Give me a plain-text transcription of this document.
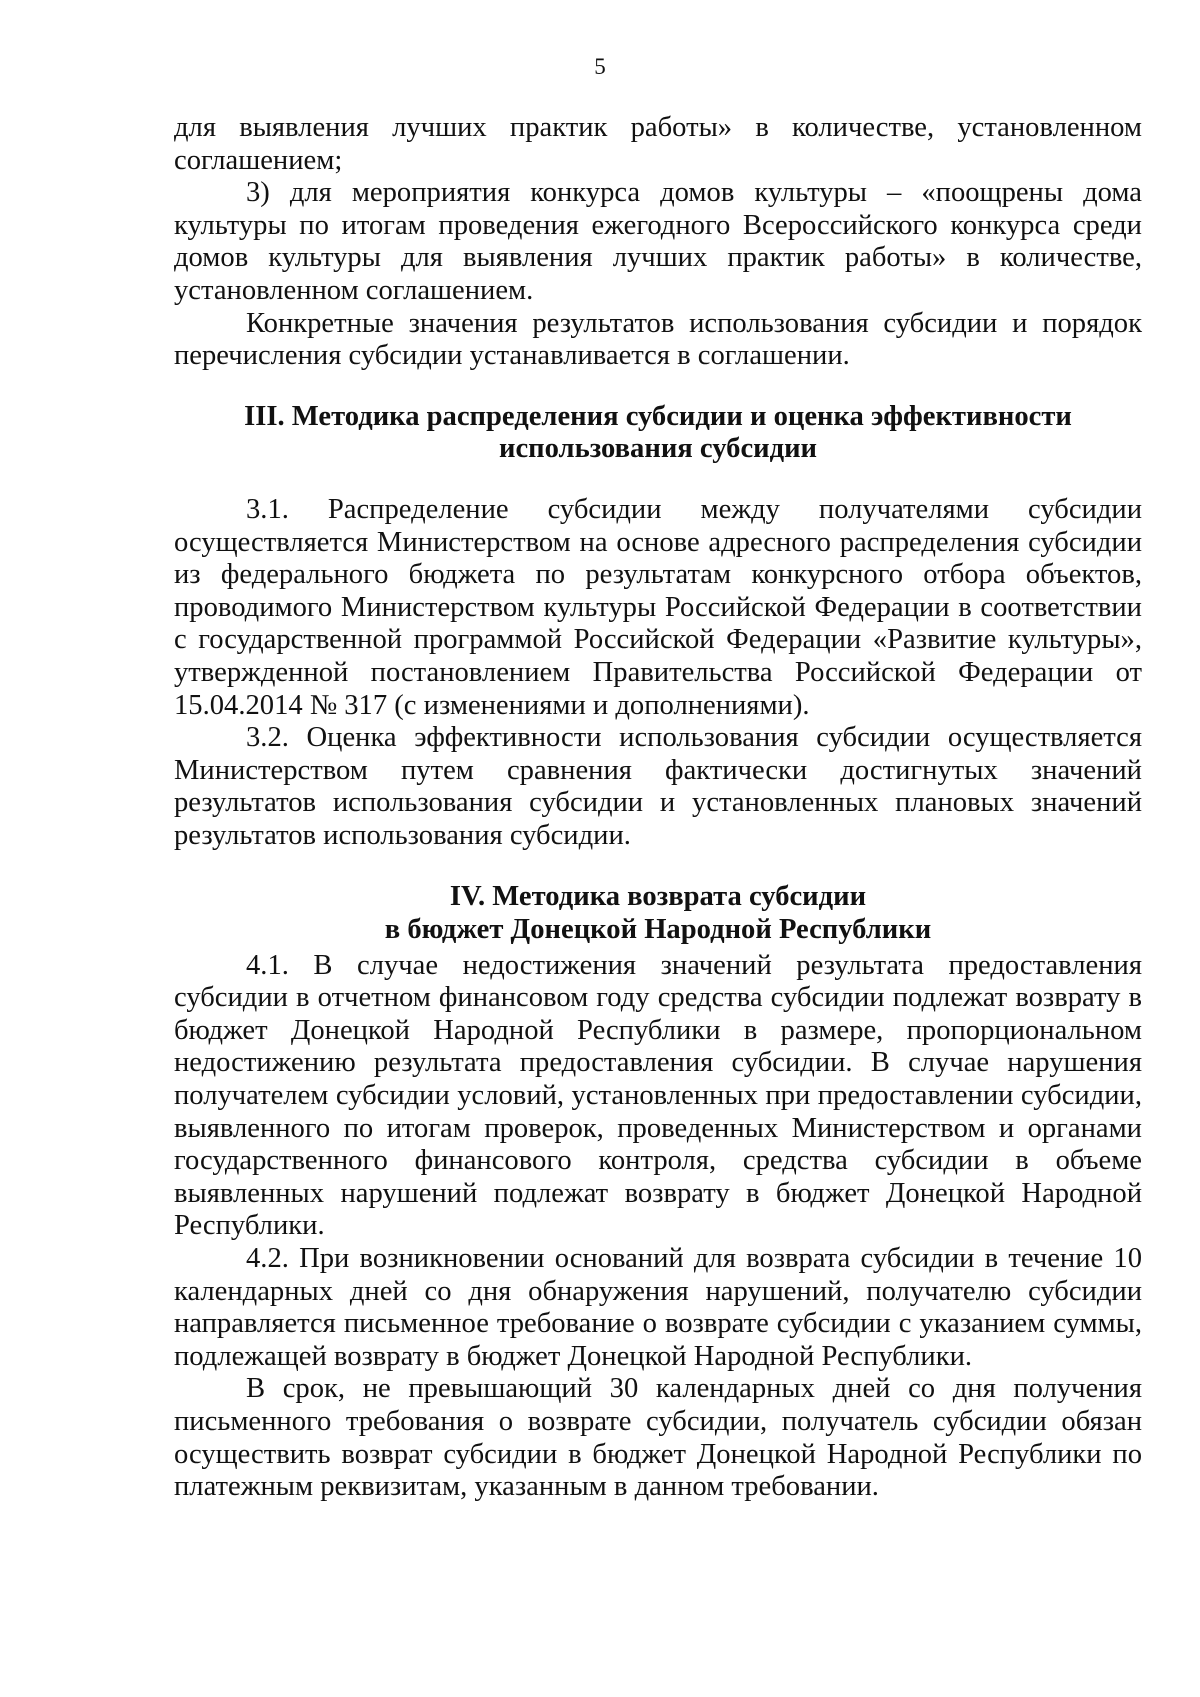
5

для выявления лучших практик работы» в количестве, установленном соглашением;

3) для мероприятия конкурса домов культуры – «поощрены дома культуры по итогам проведения ежегодного Всероссийского конкурса среди домов культуры для выявления лучших практик работы» в количестве, установленном соглашением.

Конкретные значения результатов использования субсидии и порядок перечисления субсидии устанавливается в соглашении.

III. Методика распределения субсидии и оценка эффективности
использования субсидии

3.1. Распределение субсидии между получателями субсидии осуществляется Министерством на основе адресного распределения субсидии из федерального бюджета по результатам конкурсного отбора объектов, проводимого Министерством культуры Российской Федерации в соответствии с государственной программой Российской Федерации «Развитие культуры», утвержденной постановлением Правительства Российской Федерации от 15.04.2014 № 317 (с изменениями и дополнениями).

3.2. Оценка эффективности использования субсидии осуществляется Министерством путем сравнения фактически достигнутых значений результатов использования субсидии и установленных плановых значений результатов использования субсидии.

IV. Методика возврата субсидии
в бюджет Донецкой Народной Республики

4.1. В случае недостижения значений результата предоставления субсидии в отчетном финансовом году средства субсидии подлежат возврату в бюджет Донецкой Народной Республики в размере, пропорциональном недостижению результата предоставления субсидии. В случае нарушения получателем субсидии условий, установленных при предоставлении субсидии, выявленного по итогам проверок, проведенных Министерством и органами государственного финансового контроля, средства субсидии в объеме выявленных нарушений подлежат возврату в бюджет Донецкой Народной Республики.

4.2. При возникновении оснований для возврата субсидии в течение 10 календарных дней со дня обнаружения нарушений, получателю субсидии направляется письменное требование о возврате субсидии с указанием суммы, подлежащей возврату в бюджет Донецкой Народной Республики.

В срок, не превышающий 30 календарных дней со дня получения письменного требования о возврате субсидии, получатель субсидии обязан осуществить возврат субсидии в бюджет Донецкой Народной Республики по платежным реквизитам, указанным в данном требовании.
